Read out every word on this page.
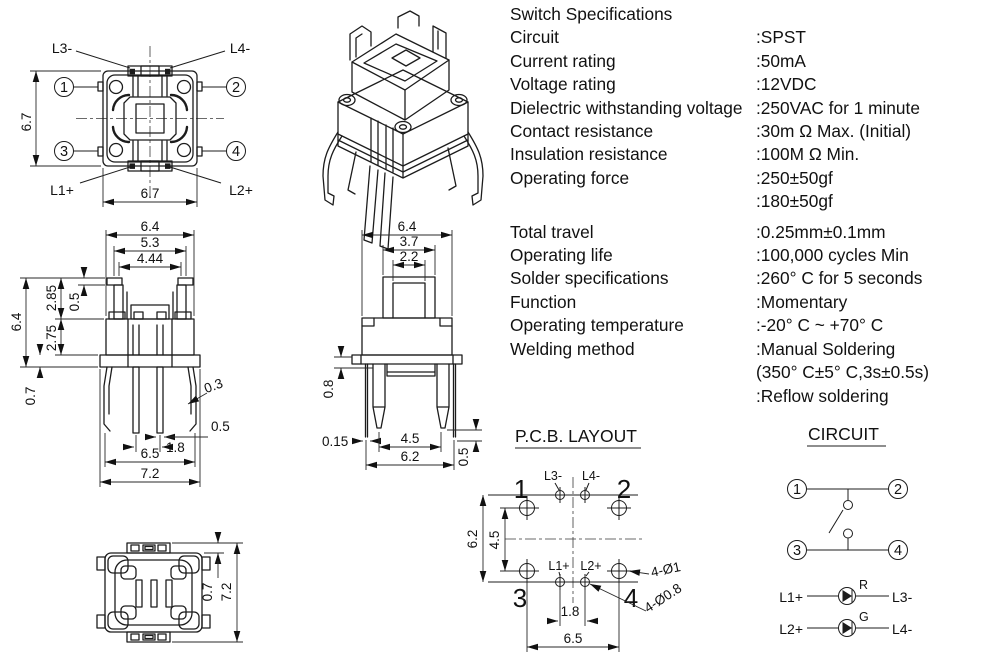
1	2
3	4
L3-	L4-
L1+	L2+
6.7
6.7
6.4
5.3
4.44
6.4
2.85 0.5
2.75
0.7	0.3
0.5
1.8
6.5
7.2
6.4
3.7
2.2
0.8
0.15	4.5
6.2	0.5
0.7 7.2
P.C.B. LAYOUT
1	2
3	4
L3- L4-
L1+ L2+
6.2 4.5
1.8
6.5
4-Ø1
4-Ø0.8
CIRCUIT
1	2
3	4
L1+
R
L3-
L2+
G
L4-
Switch Specifications
Circuit	:SPST
Current rating	:50mA
Voltage rating	:12VDC
Dielectric withstanding voltage :250VAC for 1 minute
Contact resistance	:30m Ω Max. (Initial)
Insulation resistance	:100M Ω Min.
Operating force	:250±50gf
:180±50gf
Total travel	:0.25mm±0.1mm
Operating life	:100,000 cycles Min
Solder specifications	:260° C for 5 seconds
Function	:Momentary
Operating temperature	:-20° C ~ +70° C
Welding method	:Manual Soldering
(350° C±5° C,3s±0.5s)
:Reflow soldering
